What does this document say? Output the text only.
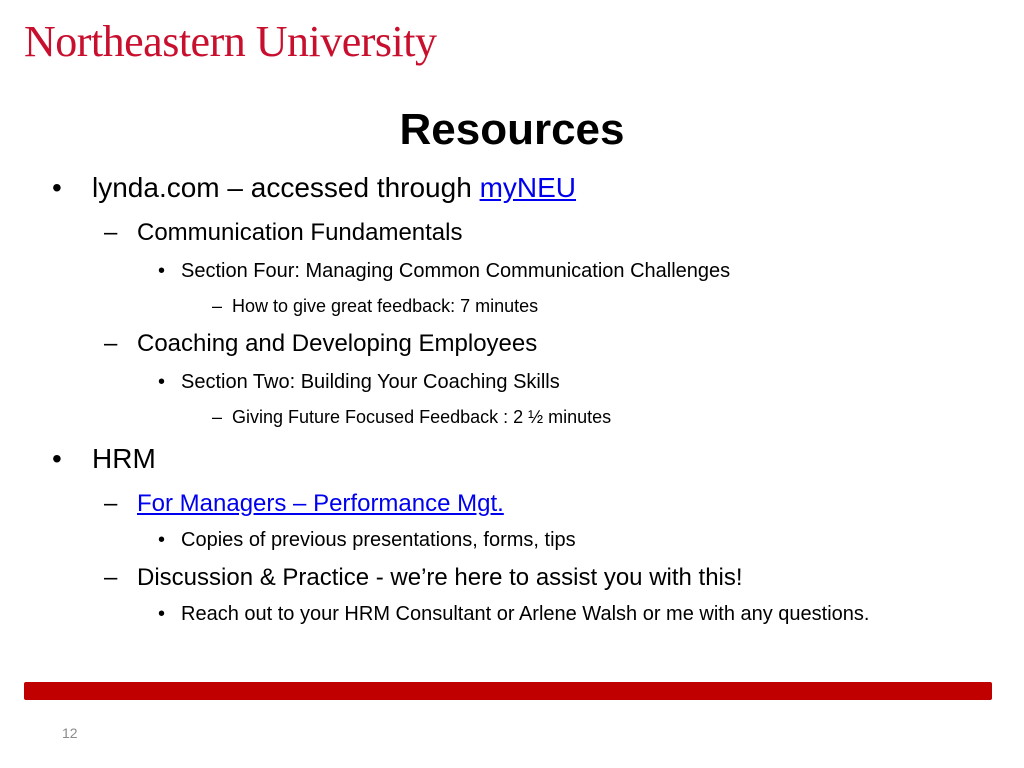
Northeastern University
Resources
• lynda.com – accessed through myNEU
– Communication Fundamentals
• Section Four: Managing Common Communication Challenges
– How to give great feedback: 7 minutes
– Coaching and Developing Employees
• Section Two: Building Your Coaching Skills
– Giving Future Focused Feedback : 2 ½ minutes
• HRM
– For Managers – Performance Mgt.
• Copies of previous presentations, forms, tips
– Discussion & Practice - we’re here to assist you with this!
• Reach out to your HRM Consultant or Arlene Walsh or me with any questions.
12
